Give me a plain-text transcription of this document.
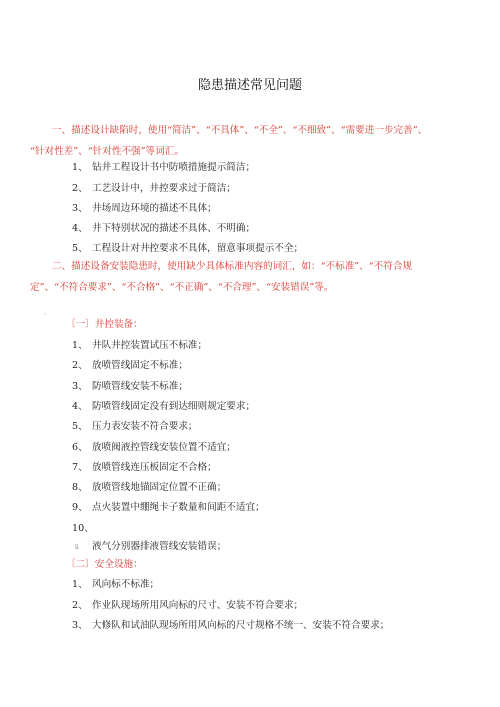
隐患描述常见问题
一、描述设计缺陷时，使用“简洁”、“不具体”、“不全”、“不细致”、“需要进一步完善”、
“针对性差”、“针对性不强”等词汇。
1、 钻井工程设计书中防喷措施提示简洁；
2、 工艺设计中，井控要求过于简洁；
3、 井场周边环境的描述不具体；
4、 井下特别状况的描述不具体、不明确；
5、 工程设计对井控要求不具体，留意事项提示不全；
二、描述设备安装隐患时，使用缺少具体标准内容的词汇，如：“不标准”、“不符合规
定”、“不符合要求”、“不合格”、“不正确”、“不合理”、“安装错误”等。
、
〔一〕井控装备：
1、 井队井控装置试压不标准；
2、 放喷管线固定不标准；
3、 防喷管线安装不标准；
4、 防喷管线固定没有到达细则规定要求；
5、 压力表安装不符合要求；
6、 放喷阀液控管线安装位置不适宜；
7、 放喷管线连压板固定不合格；
8、 放喷管线地锚固定位置不正确；
9、 点火装置中绷绳卡子数量和间距不适宜；
10、
li 液气分别器排液管线安装错误；
〔二〕安全设施：
1、 风向标不标准；
2、 作业队现场所用风向标的尺寸、安装不符合要求；
3、 大修队和试油队现场所用风向标的尺寸规格不统一、安装不符合要求；
